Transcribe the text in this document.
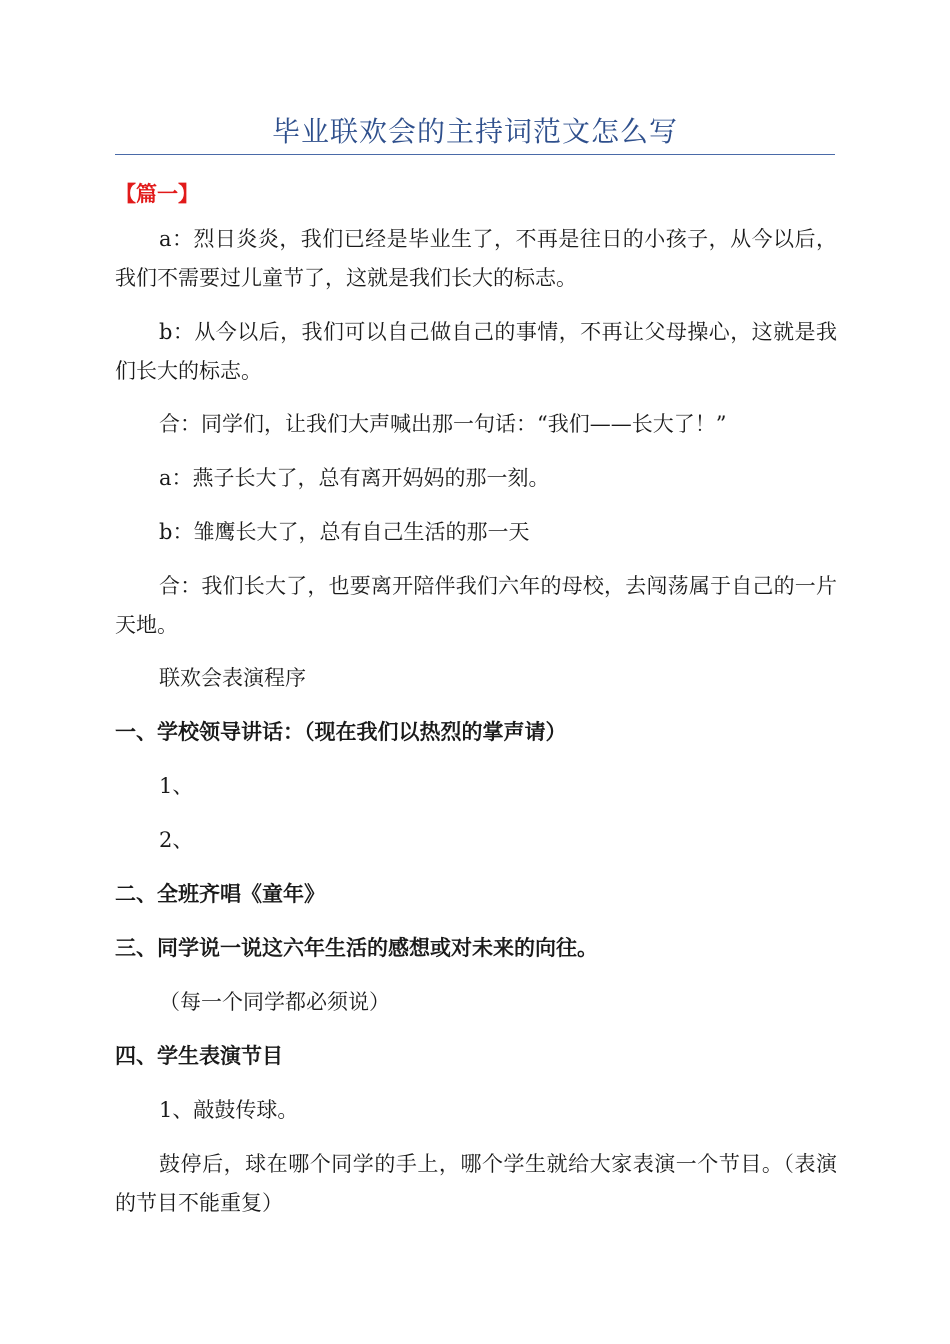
毕业联欢会的主持词范文怎么写
【篇一】

a：烈日炎炎，我们已经是毕业生了，不再是往日的小孩子，从今以后，我们不需要过儿童节了，这就是我们长大的标志。

b：从今以后，我们可以自己做自己的事情，不再让父母操心，这就是我们长大的标志。

合：同学们，让我们大声喊出那一句话：“我们——长大了！”

a：燕子长大了，总有离开妈妈的那一刻。

b：雏鹰长大了，总有自己生活的那一天

合：我们长大了，也要离开陪伴我们六年的母校，去闯荡属于自己的一片天地。

联欢会表演程序

一、学校领导讲话：（现在我们以热烈的掌声请）

1、

2、

二、全班齐唱《童年》

三、同学说一说这六年生活的感想或对未来的向往。

（每一个同学都必须说）

四、学生表演节目

1、敲鼓传球。

鼓停后，球在哪个同学的手上，哪个学生就给大家表演一个节目。（表演的节目不能重复）
